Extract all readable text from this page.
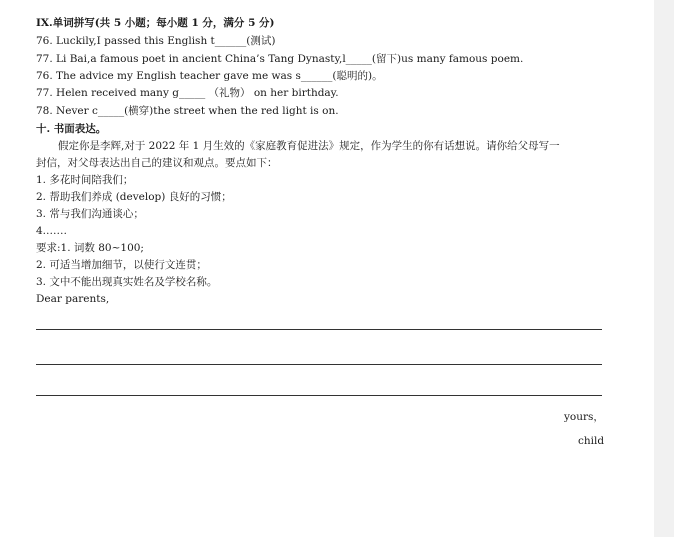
IX.单词拼写(共 5 小题；每小题 1 分，满分 5 分)
76. Luckily,I passed this English t______(测试)
77. Li Bai,a famous poet in ancient China’s Tang Dynasty,l_____(留下)us many famous poem.
76. The advice my English teacher gave me was s______(聪明的)。
77. Helen received many g_____ （礼物） on her birthday.
78. Never c_____(横穿)the street when the red light is on.
十. 书面表达。
假定你是李辉,对于 2022 年 1 月生效的《家庭教育促进法》规定，作为学生的你有话想说。请你给父母写一
封信，对父母表达出自己的建议和观点。要点如下：
1. 多花时间陪我们；
2. 帮助我们养成 (develop) 良好的习惯；
3. 常与我们沟通谈心；
4.……
要求:1. 词数 80~100;
2. 可适当增加细节，以使行文连贯；
3. 文中不能出现真实姓名及学校名称。
Dear parents,
yours，
child
